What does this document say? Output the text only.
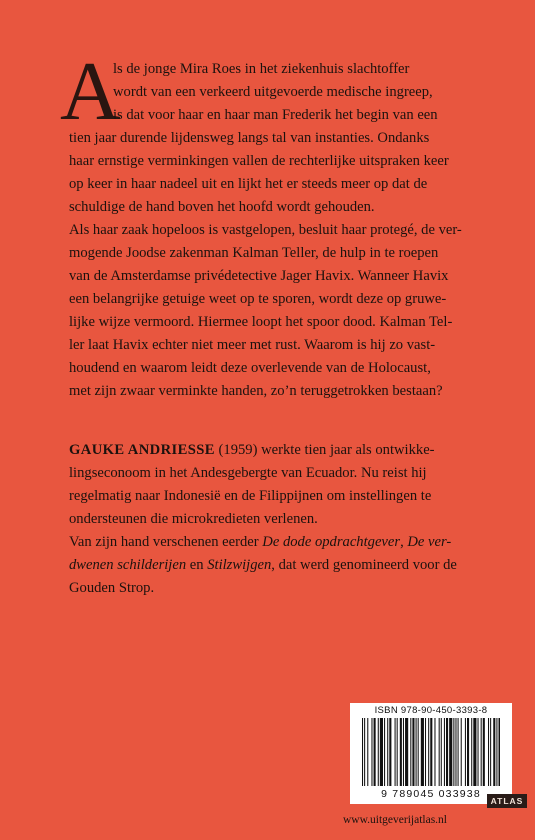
A
ls de jonge Mira Roes in het ziekenhuis slachtoffer
wordt van een verkeerd uitgevoerde medische ingreep,
is dat voor haar en haar man Frederik het begin van een
tien jaar durende lijdensweg langs tal van instanties. Ondanks
haar ernstige verminkingen vallen de rechterlijke uitspraken keer
op keer in haar nadeel uit en lijkt het er steeds meer op dat de
schuldige de hand boven het hoofd wordt gehouden.
Als haar zaak hopeloos is vastgelopen, besluit haar protegé, de ver-
mogende Joodse zakenman Kalman Teller, de hulp in te roepen
van de Amsterdamse privédetective Jager Havix. Wanneer Havix
een belangrijke getuige weet op te sporen, wordt deze op gruwe-
lijke wijze vermoord. Hiermee loopt het spoor dood. Kalman Tel-
ler laat Havix echter niet meer met rust. Waarom is hij zo vast-
houdend en waarom leidt deze overlevende van de Holocaust,
met zijn zwaar verminkte handen, zo’n teruggetrokken bestaan?
GAUKE ANDRIESSE (1959) werkte tien jaar als ontwikke-
lingseconoom in het Andesgebergte van Ecuador. Nu reist hij
regelmatig naar Indonesië en de Filippijnen om instellingen te
ondersteunen die microkredieten verlenen.
Van zijn hand verschenen eerder De dode opdrachtgever, De ver-
dwenen schilderijen en Stilzwijgen, dat werd genomineerd voor de
Gouden Strop.
ISBN 978-90-450-3393-8
9 789045 033938
ATLAS
www.uitgeverijatlas.nl
